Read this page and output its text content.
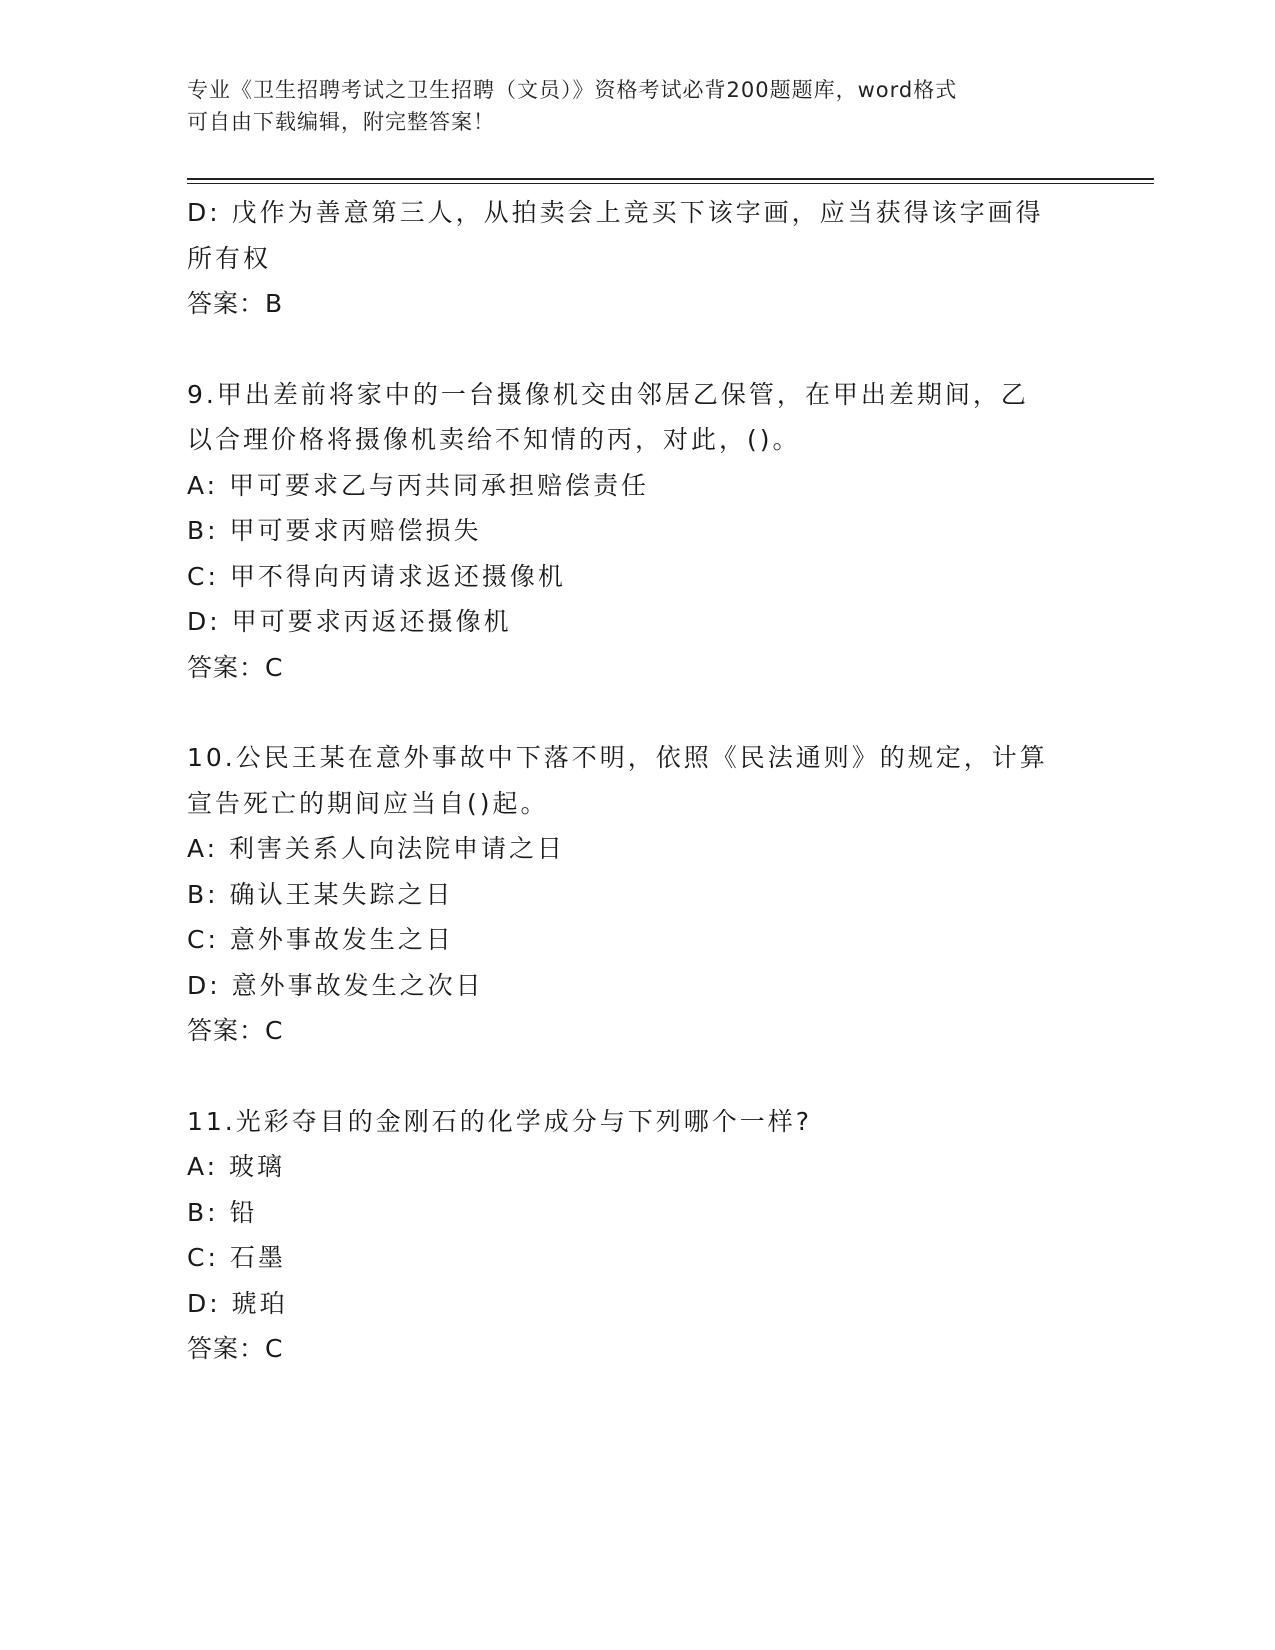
专业《卫生招聘考试之卫生招聘（文员）》资格考试必背200题题库，word格式
可自由下载编辑，附完整答案！
D: 戊作为善意第三人，从拍卖会上竞买下该字画，应当获得该字画得
所有权
答案：B
9.甲出差前将家中的一台摄像机交由邻居乙保管，在甲出差期间，乙
以合理价格将摄像机卖给不知情的丙，对此，()。
A: 甲可要求乙与丙共同承担赔偿责任
B: 甲可要求丙赔偿损失
C: 甲不得向丙请求返还摄像机
D: 甲可要求丙返还摄像机
答案：C
10.公民王某在意外事故中下落不明，依照《民法通则》的规定，计算
宣告死亡的期间应当自()起。
A: 利害关系人向法院申请之日
B: 确认王某失踪之日
C: 意外事故发生之日
D: 意外事故发生之次日
答案：C
11.光彩夺目的金刚石的化学成分与下列哪个一样?
A: 玻璃
B: 铅
C: 石墨
D: 琥珀
答案：C
